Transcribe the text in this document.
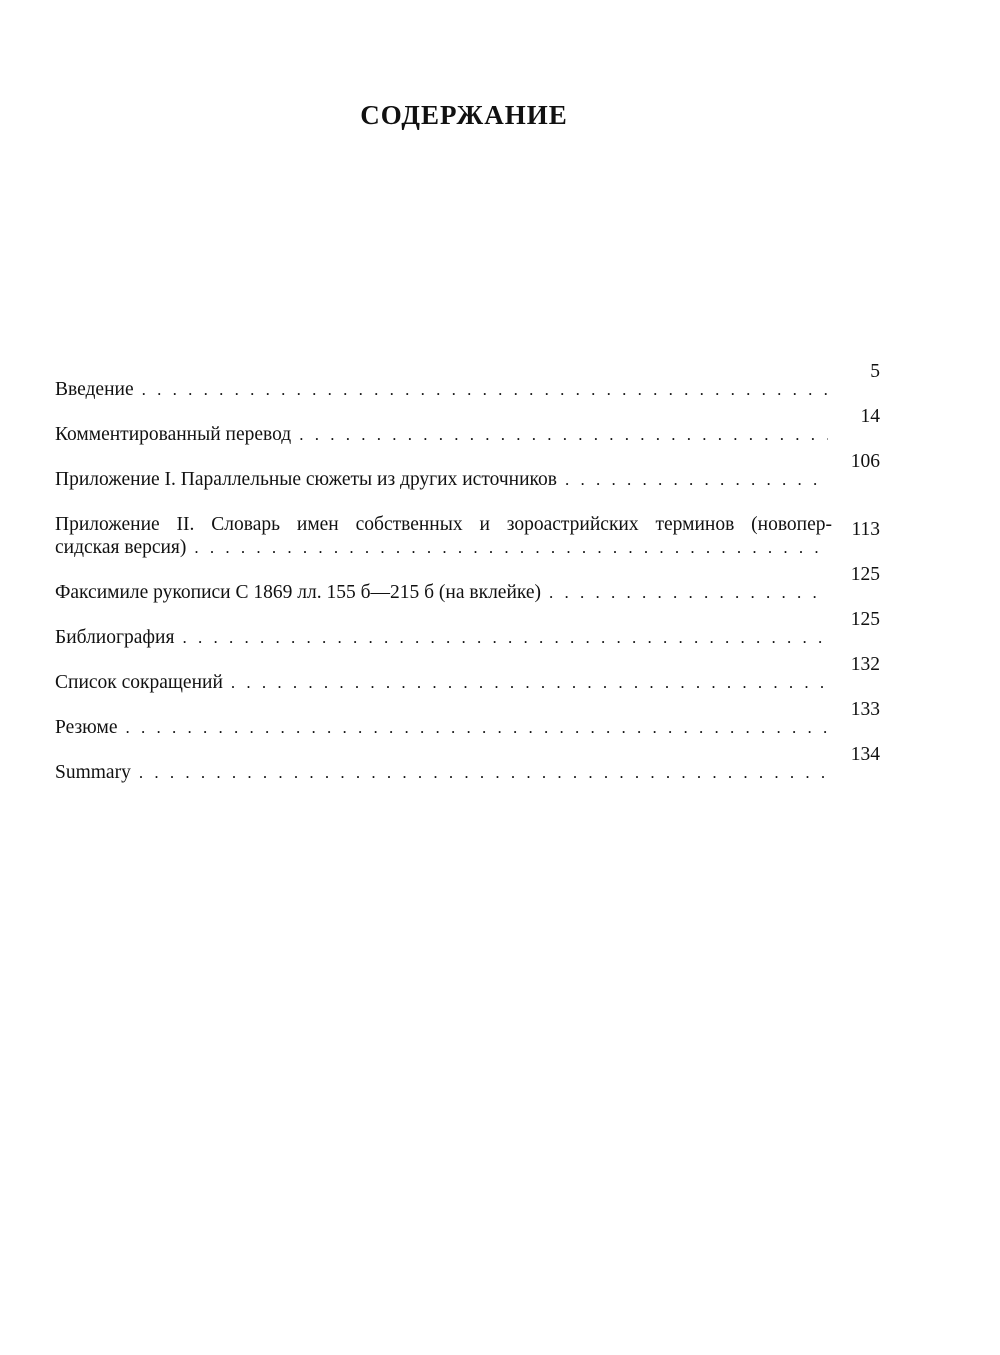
СОДЕРЖАНИЕ
Введение
. . .
5
Комментированный перевод
. . .
14
Приложение I. Параллельные сюжеты из других источников
. . .
106
Приложение II. Словарь имен собственных и зороастрийских терминов (новопер-
сидская версия)
. . .
113
Факсимиле рукописи С 1869 лл. 155 б—215 б (на вклейке)
. . .
125
Библиография
. . .
125
Список сокращений
. . .
132
Резюме
. . .
133
Summary
. . .
134
